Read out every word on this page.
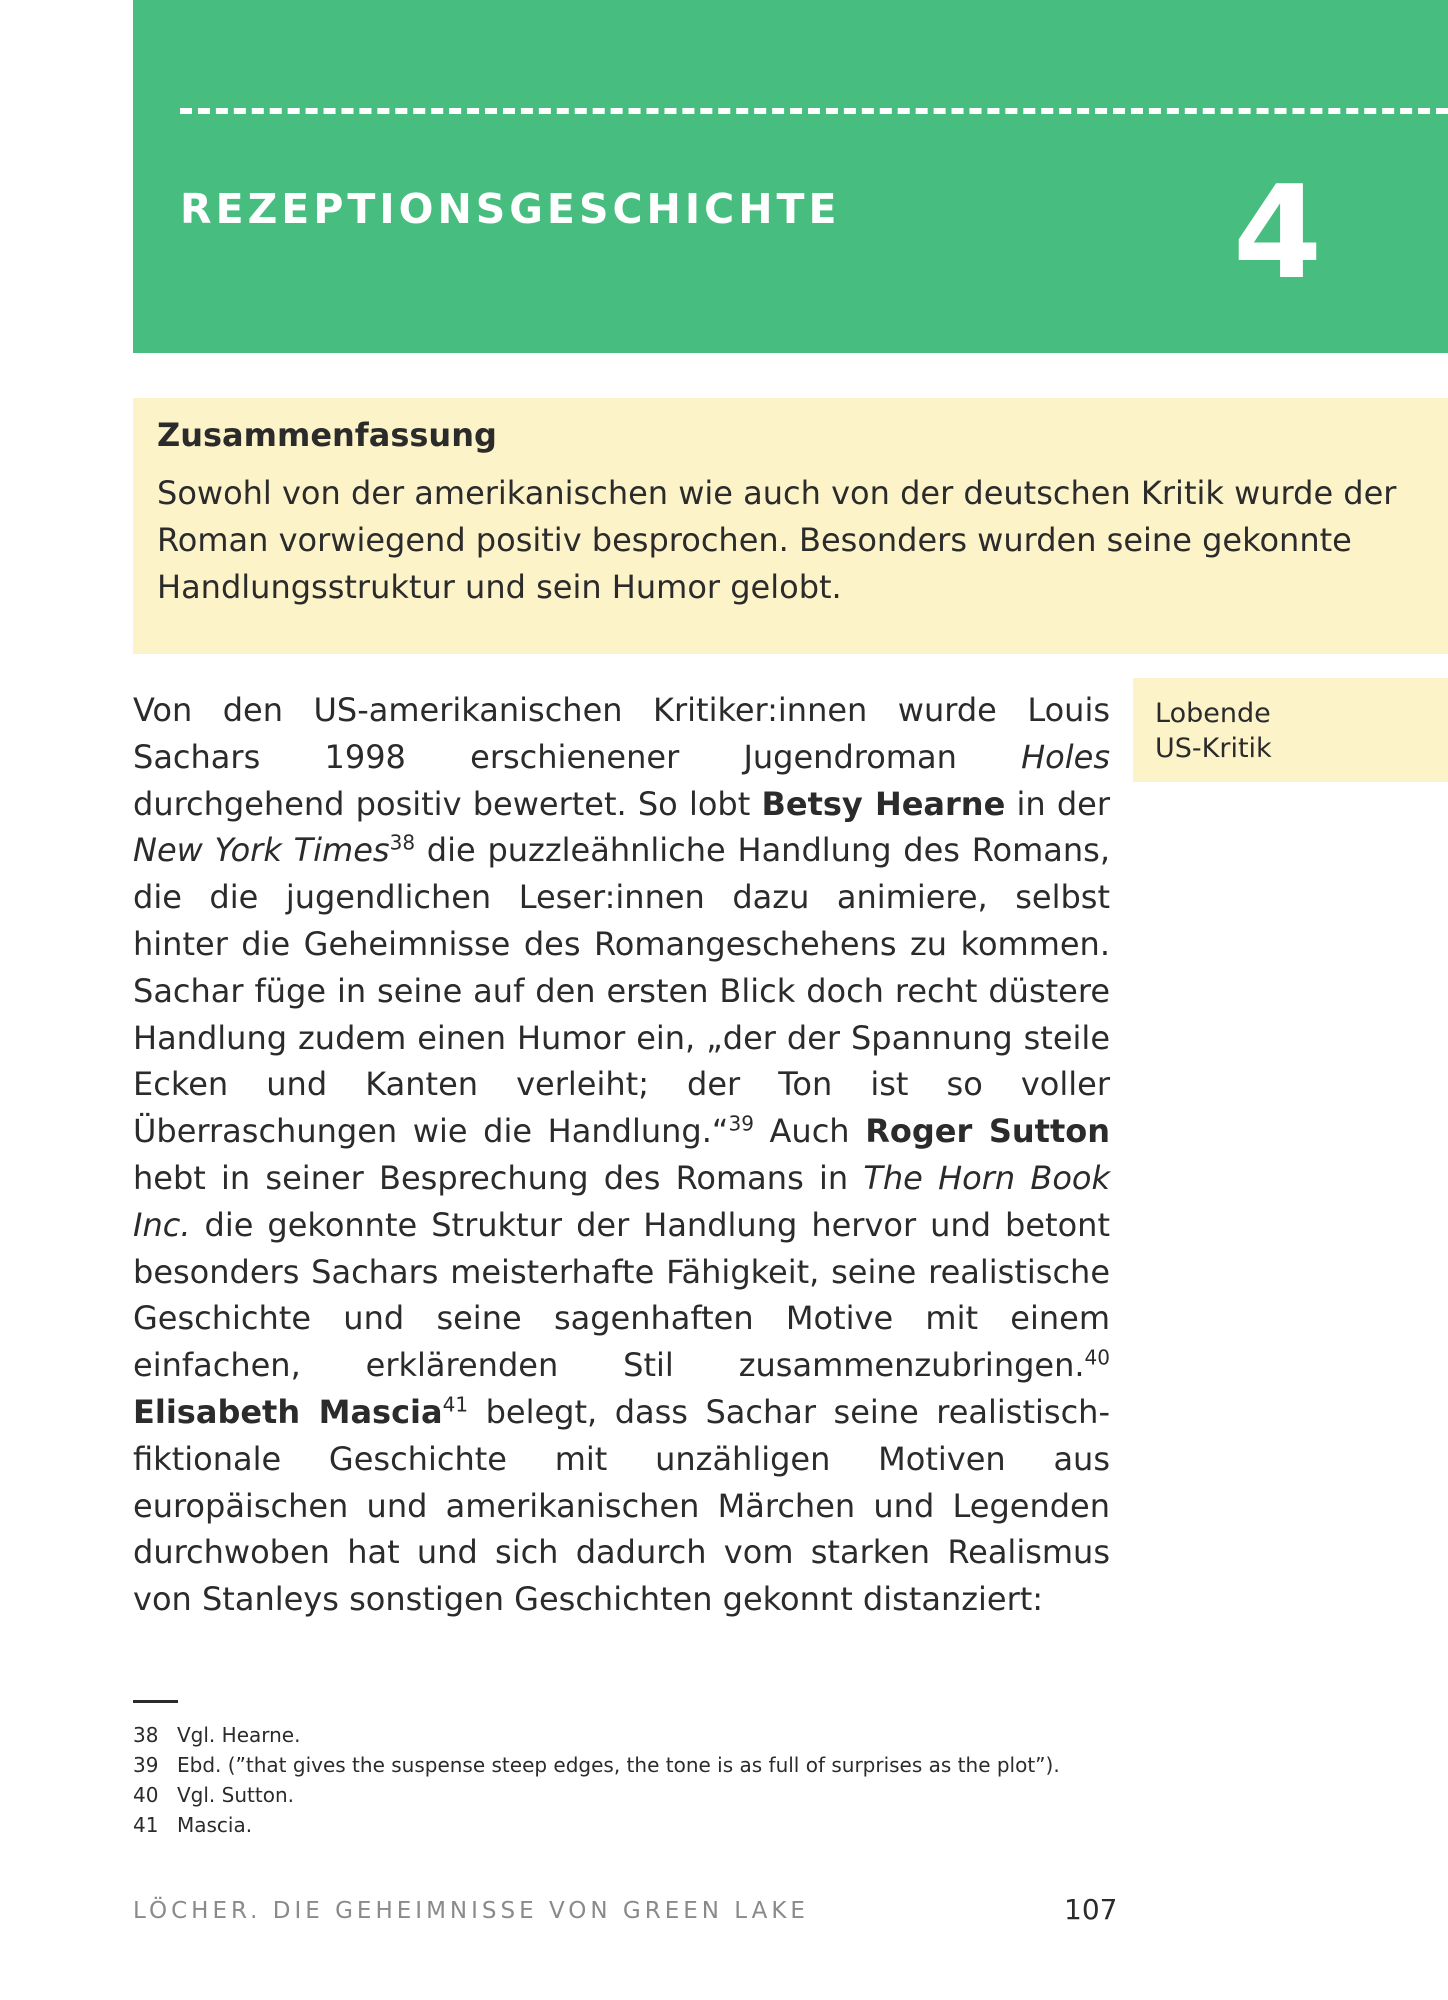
REZEPTIONSGESCHICHTE	4

Zusammenfassung

Sowohl von der amerikanischen wie auch von der deutschen Kritik wurde der Roman vorwiegend positiv besprochen. Besonders wurden seine gekonnte Handlungsstruktur und sein Humor gelobt.

Lobende
US-Kritik

Von den US-amerikanischen Kritiker:innen wurde Louis Sachars 1998 erschienener Jugendroman Holes durchgehend positiv bewertet. So lobt Betsy Hearne in der New York Times$^{38}$ die puzzleähnliche Handlung des Romans, die die jugendlichen Leser:innen dazu animiere, selbst hinter die Geheimnisse des Romangeschehens zu kommen. Sachar füge in seine auf den ersten Blick doch recht düstere Handlung zudem einen Humor ein, „der der Spannung steile Ecken und Kanten verleiht; der Ton ist so voller Überraschungen wie die Handlung.“$^{39}$ Auch Roger Sutton hebt in seiner Besprechung des Romans in The Horn Book Inc. die gekonnte Struktur der Handlung hervor und betont besonders Sachars meisterhafte Fähigkeit, seine realistische Geschichte und seine sagenhaften Motive mit einem einfachen, erklärenden Stil zusammenzubringen.$^{40}$ Elisabeth Mascia$^{41}$ belegt, dass Sachar seine realistisch-fiktionale Geschichte mit unzähligen Motiven aus europäischen und amerikanischen Märchen und Legenden durchwoben hat und sich dadurch vom starken Realismus von Stanleys sonstigen Geschichten gekonnt distanziert:

38 Vgl. Hearne.
39 Ebd. (”that gives the suspense steep edges, the tone is as full of surprises as the plot”).
40 Vgl. Sutton.
41 Mascia.
LÖCHER. DIE GEHEIMNISSE VON GREEN LAKE	107
